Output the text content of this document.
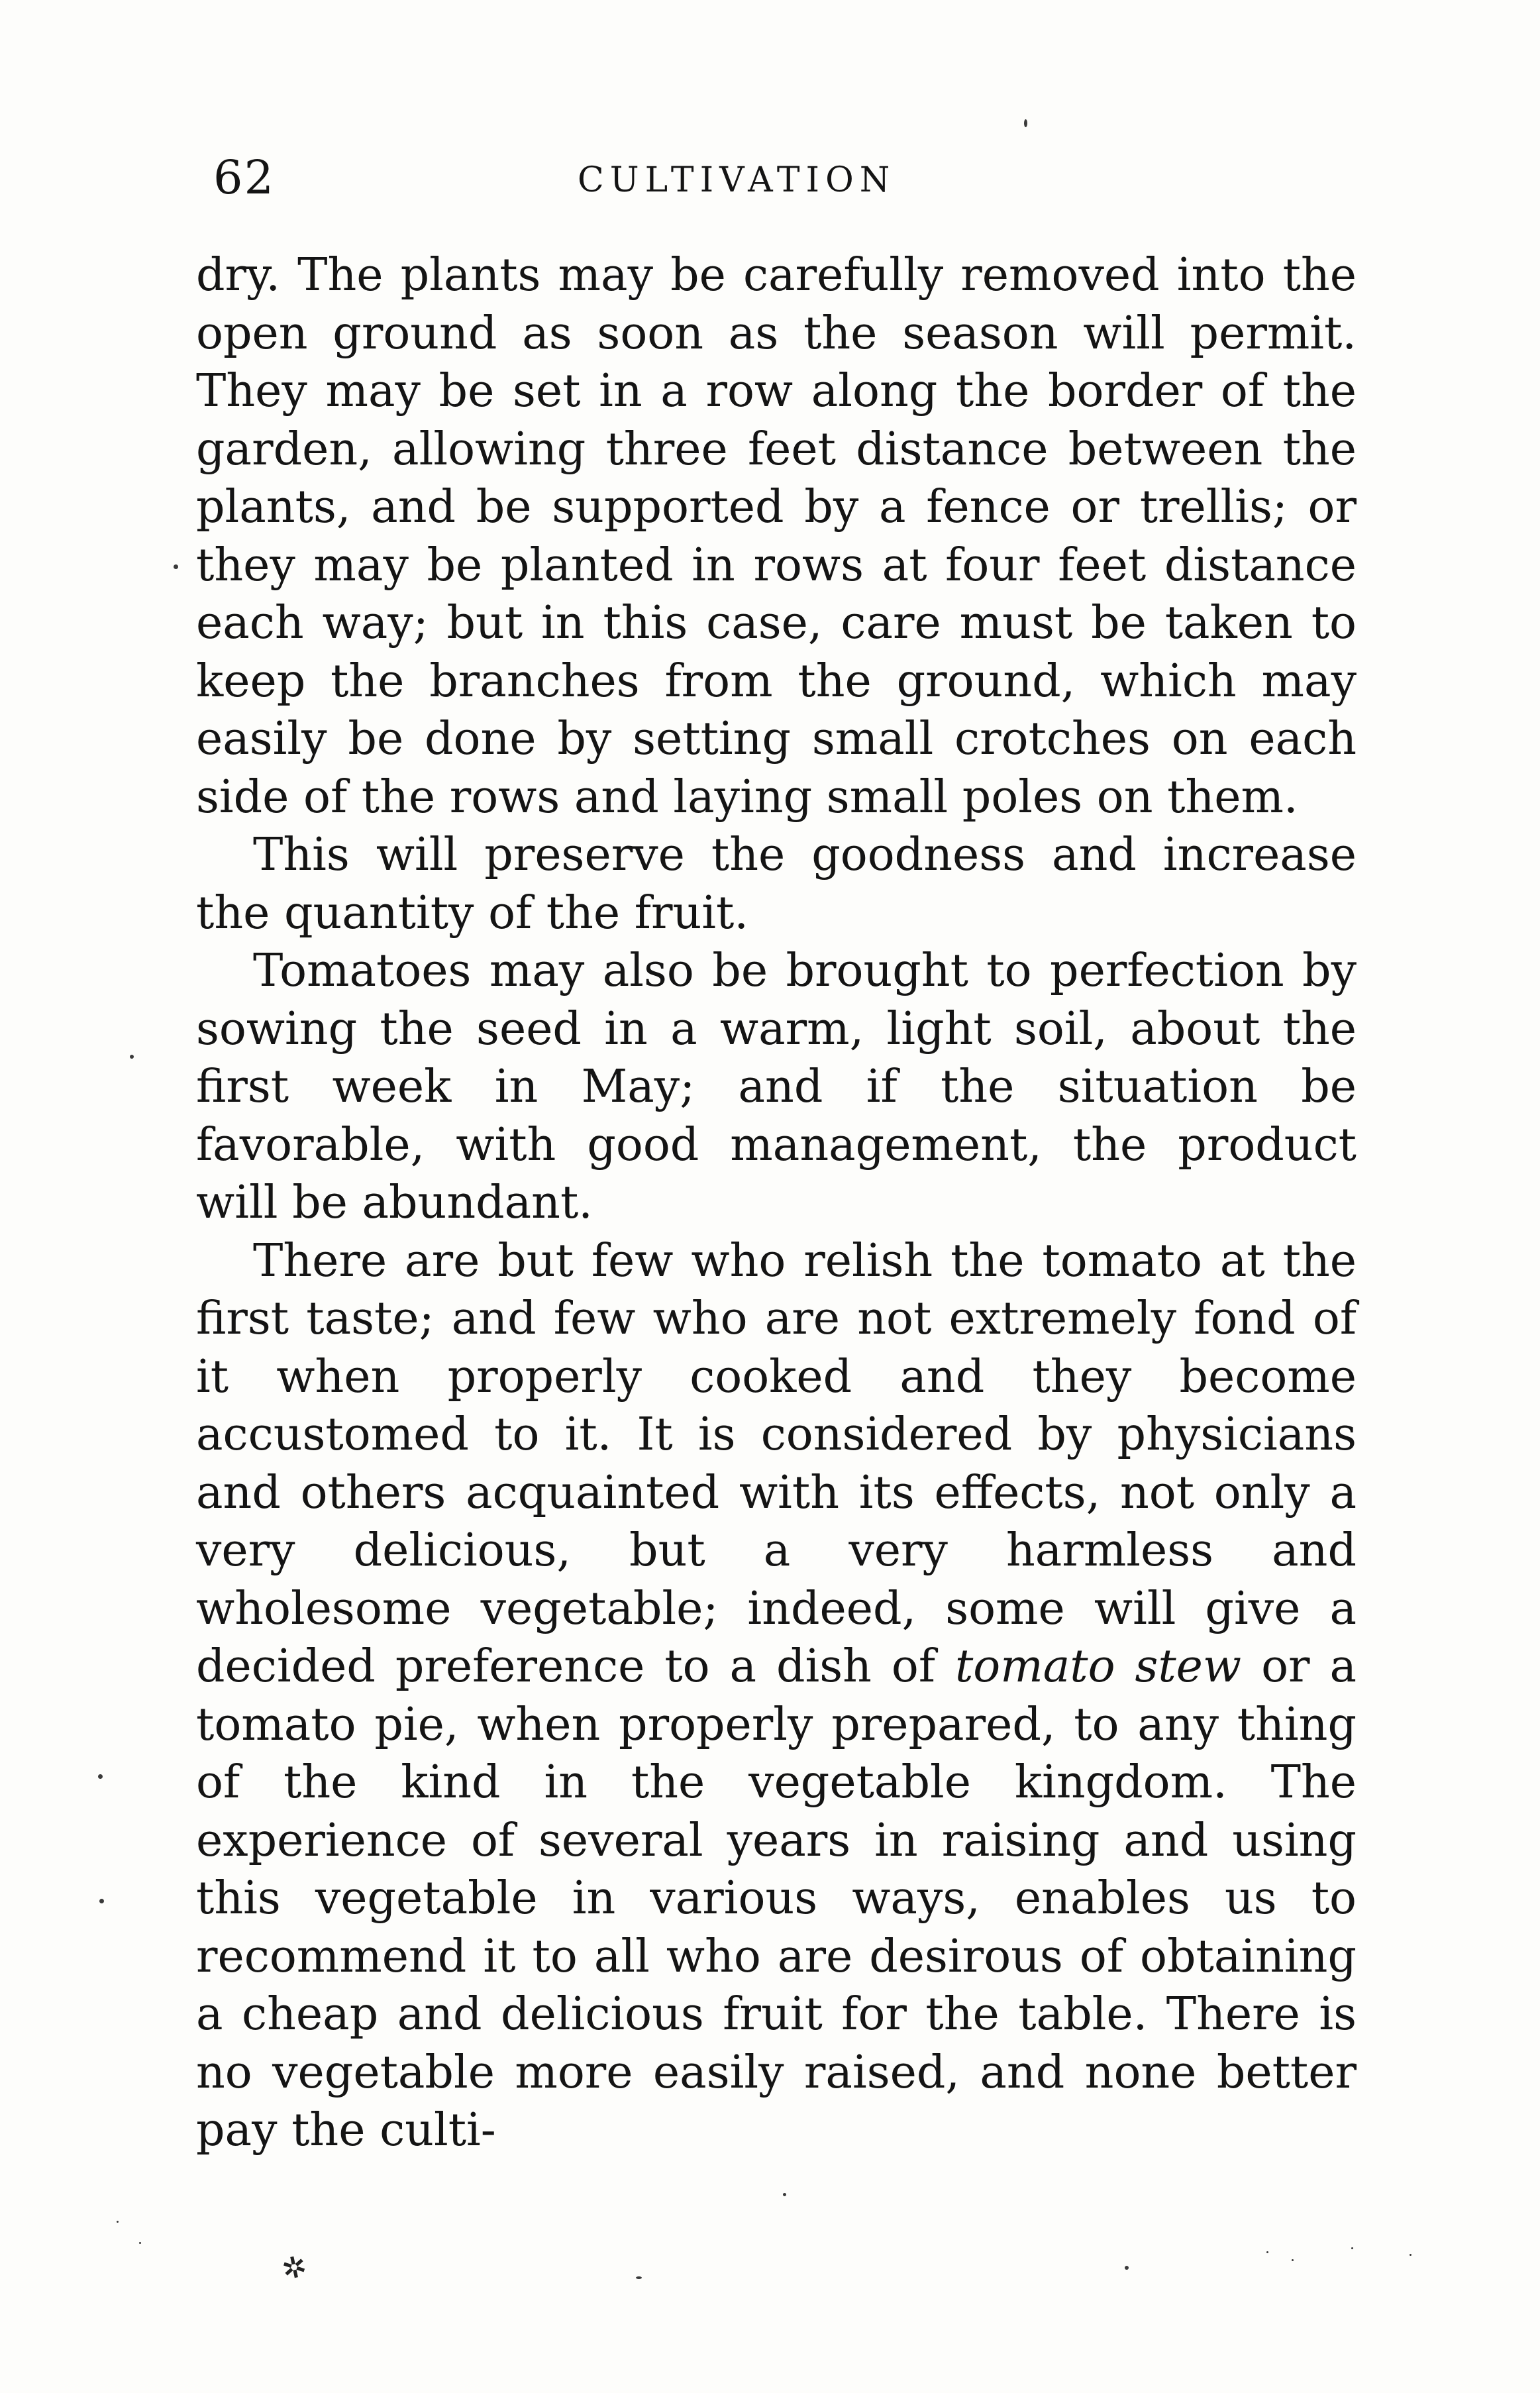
62	CULTIVATION

dry. The plants may be carefully removed into the open ground as soon as the season will permit. They may be set in a row along the border of the garden, allowing three feet distance between the plants, and be supported by a fence or trellis; or they may be planted in rows at four feet distance each way; but in this case, care must be taken to keep the branches from the ground, which may easily be done by setting small crotches on each side of the rows and laying small poles on them.

This will preserve the goodness and increase the quantity of the fruit.

Tomatoes may also be brought to perfection by sowing the seed in a warm, light soil, about the first week in May; and if the situation be favorable, with good management, the product will be abundant.

There are but few who relish the tomato at the first taste; and few who are not extremely fond of it when properly cooked and they become accustomed to it. It is considered by physicians and others acquainted with its effects, not only a very delicious, but a very harmless and wholesome vegetable; indeed, some will give a decided preference to a dish of tomato stew or a tomato pie, when properly prepared, to any thing of the kind in the vegetable kingdom. The experience of several years in raising and using this vegetable in various ways, enables us to recommend it to all who are desirous of obtaining a cheap and delicious fruit for the table. There is no vegetable more easily raised, and none better pay the culti-

✲
